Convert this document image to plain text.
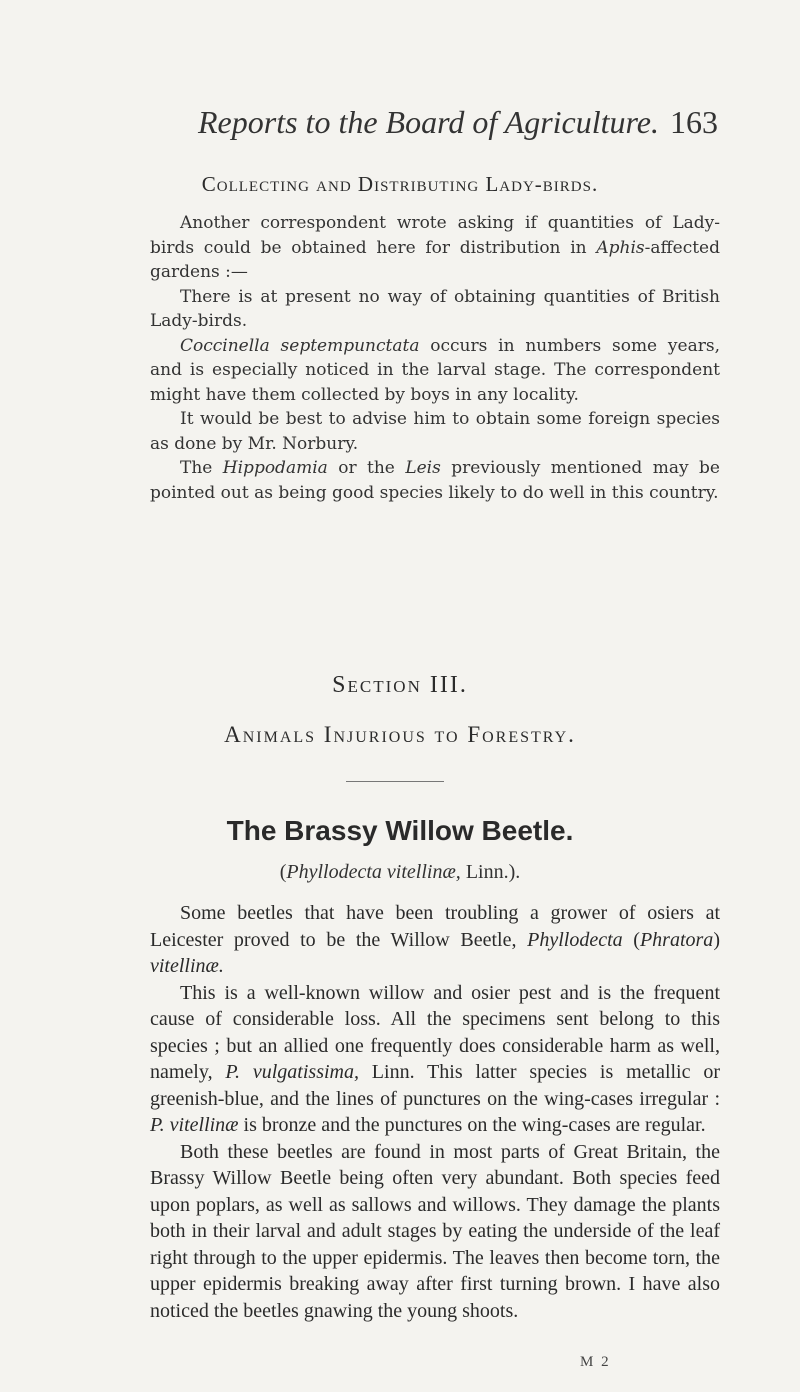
Reports to the Board of Agriculture. 163
Collecting and Distributing Lady-birds.
Another correspondent wrote asking if quantities of Lady-birds could be obtained here for distribution in Aphis-affected gardens :—
There is at present no way of obtaining quantities of British Lady-birds.
Coccinella septempunctata occurs in numbers some years, and is especially noticed in the larval stage. The correspondent might have them collected by boys in any locality.
It would be best to advise him to obtain some foreign species as done by Mr. Norbury.
The Hippodamia or the Leis previously mentioned may be pointed out as being good species likely to do well in this country.
Section III.
Animals Injurious to Forestry.
The Brassy Willow Beetle.
(Phyllodecta vitellinæ, Linn.).
Some beetles that have been troubling a grower of osiers at Leicester proved to be the Willow Beetle, Phyllodecta (Phratora) vitellinæ.
This is a well-known willow and osier pest and is the frequent cause of considerable loss. All the specimens sent belong to this species ; but an allied one frequently does considerable harm as well, namely, P. vulgatissima, Linn. This latter species is metallic or greenish-blue, and the lines of punctures on the wing-cases irregular : P. vitellinæ is bronze and the punctures on the wing-cases are regular.
Both these beetles are found in most parts of Great Britain, the Brassy Willow Beetle being often very abundant. Both species feed upon poplars, as well as sallows and willows. They damage the plants both in their larval and adult stages by eating the underside of the leaf right through to the upper epidermis. The leaves then become torn, the upper epidermis breaking away after first turning brown. I have also noticed the beetles gnawing the young shoots.
M 2
